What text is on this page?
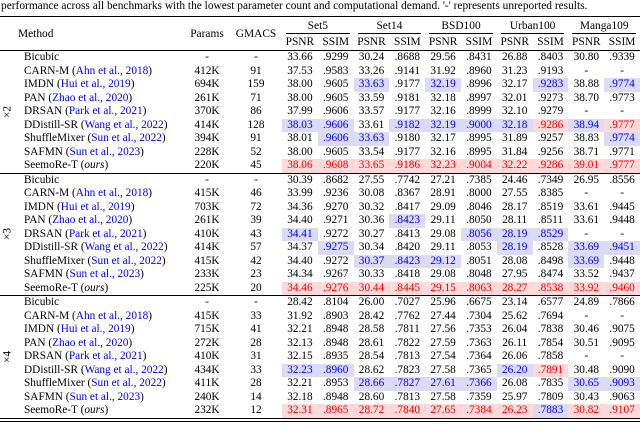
performance across all benchmarks with the lowest parameter count and computational demand. '-' represents unreported results.
Method		Params	GMACS	Set5		Set14		BSD100		Urban100		Manga109	

				PSNR	SSIM	PSNR	SSIM	PSNR	SSIM	PSNR	SSIM	PSNR	SSIM

×2	Bicubic	-	-	33.66	.9299	30.24	.8688	29.56	.8431	26.88	.8403	30.80	.9339
	CARN-M (Ahn et al., 2018)	412K	91	37.53	.9583	33.26	.9141	31.92	.8960	31.23	.9193	-	-
	IMDN (Hui et al., 2019)	694K	159	38.00	.9605	33.63	.9177	32.19	.8996	32.17	.9283	38.88	.9774
	PAN (Zhao et al., 2020)	261K	71	38.00	.9605	33.59	.9181	32.18	.8997	32.01	.9273	38.70	.9773
	DRSAN (Park et al., 2021)	370K	86	37.99	.9606	33.57	.9177	32.16	.8999	32.10	.9279	-	-
	DDistill-SR (Wang et al., 2022)	414K	128	38.03	.9606	33.61	.9182	32.19	.9000	32.18	.9286	38.94	.9777
	ShuffleMixer (Sun et al., 2022)	394K	91	38.01	.9606	33.63	.9180	32.17	.8995	31.89	.9257	38.83	.9774
	SAFMN (Sun et al., 2023)	228K	52	38.00	.9605	33.54	.9177	32.16	.8995	31.84	.9256	38.71	.9771
	SeemoRe-T (ours)	220K	45	38.06	.9608	33.65	.9186	32.23	.9004	32.22	.9286	39.01	.9777

×3	Bicubic	-	-	30.39	.8682	27.55	.7742	27.21	.7385	24.46	.7349	26.95	.8556
	CARN-M (Ahn et al., 2018)	415K	46	33.99	.9236	30.08	.8367	28.91	.8000	27.55	.8385	-	-
	IMDN (Hui et al., 2019)	703K	72	34.36	.9270	30.32	.8417	29.09	.8046	28.17	.8519	33.61	.9445
	PAN (Zhao et al., 2020)	261K	39	34.40	.9271	30.36	.8423	29.11	.8050	28.11	.8511	33.61	.9448
	DRSAN (Park et al., 2021)	410K	43	34.41	.9272	30.27	.8413	29.08	.8056	28.19	.8529	-	-
	DDistill-SR (Wang et al., 2022)	414K	57	34.37	.9275	30.34	.8420	29.11	.8053	28.19	.8528	33.69	.9451
	ShuffleMixer (Sun et al., 2022)	415K	42	34.40	.9272	30.37	.8423	29.12	.8051	28.08	.8498	33.69	.9448
	SAFMN (Sun et al., 2023)	233K	23	34.34	.9267	30.33	.8418	29.08	.8048	27.95	.8474	33.52	.9437
	SeemoRe-T (ours)	225K	20	34.46	.9276	30.44	.8445	29.15	.8063	28.27	.8538	33.92	.9460

×4	Bicubic	-	-	28.42	.8104	26.00	.7027	25.96	.6675	23.14	.6577	24.89	.7866
	CARN-M (Ahn et al., 2018)	415K	33	31.92	.8903	28.42	.7762	27.44	.7304	25.62	.7694	-	-
	IMDN (Hui et al., 2019)	715K	41	32.21	.8948	28.58	.7811	27.56	.7353	26.04	.7838	30.46	.9075
	PAN (Zhao et al., 2020)	272K	28	32.13	.8948	28.61	.7822	27.59	.7363	26.11	.7854	30.51	.9095
	DRSAN (Park et al., 2021)	410K	31	32.15	.8935	28.54	.7813	27.54	.7364	26.06	.7858	-	-
	DDistill-SR (Wang et al., 2022)	434K	33	32.23	.8960	28.62	.7823	27.58	.7365	26.20	.7891	30.48	.9090
	ShuffleMixer (Sun et al., 2022)	411K	28	32.21	.8953	28.66	.7827	27.61	.7366	26.08	.7835	30.65	.9093
	SAFMN (Sun et al., 2023)	240K	14	32.18	.8948	28.60	.7813	27.58	.7359	25.97	.7809	30.43	.9063
	SeemoRe-T (ours)	232K	12	32.31	.8965	28.72	.7840	27.65	.7384	26.23	.7883	30.82	.9107
